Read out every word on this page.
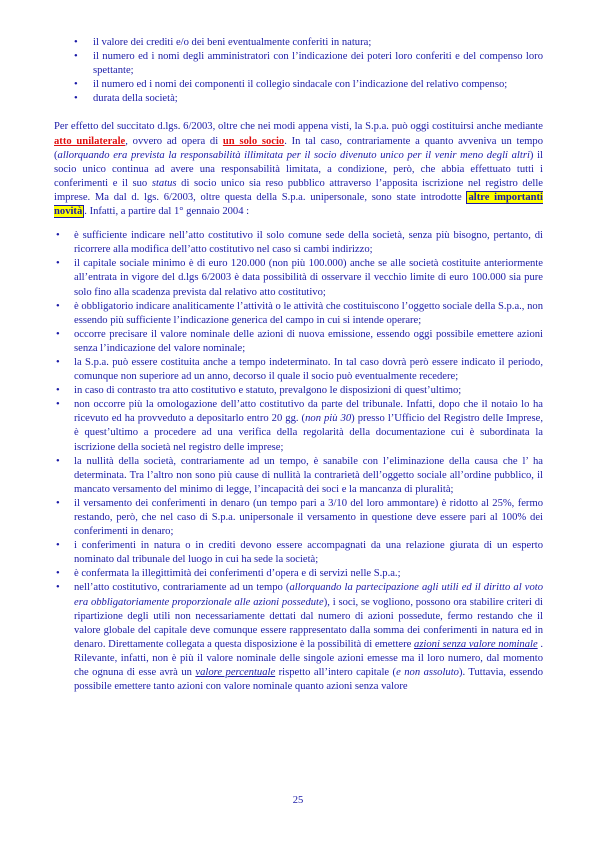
• il valore dei crediti e/o dei beni eventualmente conferiti in natura;
• il numero ed i nomi degli amministratori con l’indicazione dei poteri loro conferiti e del compenso loro spettante;
• il numero ed i nomi dei componenti il collegio sindacale con l’indicazione del relativo compenso;
• durata della società;

Per effetto del succitato d.lgs. 6/2003, oltre che nei modi appena visti, la S.p.a. può oggi costituirsi anche mediante atto unilaterale, ovvero ad opera di un solo socio. In tal caso, contrariamente a quanto avveniva un tempo (allorquando era prevista la responsabilità illimitata per il socio divenuto unico per il venir meno degli altri) il socio unico continua ad avere una responsabilità limitata, a condizione, però, che abbia effettuato tutti i conferimenti e il suo status di socio unico sia reso pubblico attraverso l’apposita iscrizione nel registro delle imprese. Ma dal d. lgs. 6/2003, oltre questa della S.p.a. unipersonale, sono state introdotte altre importanti novità . Infatti, a partire dal 1° gennaio 2004 :

• è sufficiente indicare nell’atto costitutivo il solo comune sede della società, senza più bisogno, pertanto, di ricorrere alla modifica dell’atto costitutivo nel caso si cambi indirizzo;
• il capitale sociale minimo è di euro 120.000 (non più 100.000) anche se alle società costituite anteriormente all’entrata in vigore del d.lgs 6/2003 è data possibilità di osservare il vecchio limite di euro 100.000 sia pure solo fino alla scadenza prevista dal relativo atto costitutivo;
• è obbligatorio indicare analiticamente l’attività o le attività che costituiscono l’oggetto sociale della S.p.a., non essendo più sufficiente l’indicazione generica del campo in cui si intende operare;
• occorre precisare il valore nominale delle azioni di nuova emissione, essendo oggi possibile emettere azioni senza l’indicazione del valore nominale;
• la S.p.a. può essere costituita anche a tempo indeterminato. In tal caso dovrà però essere indicato il periodo, comunque non superiore ad un anno, decorso il quale il socio può eventualmente recedere;
• in caso di contrasto tra atto costitutivo e statuto, prevalgono le disposizioni di quest’ultimo;
• non occorre più la omologazione dell’atto costitutivo da parte del tribunale. Infatti, dopo che il notaio lo ha ricevuto ed ha provveduto a depositarlo entro 20 gg. (non più 30) presso l’Ufficio del Registro delle Imprese, è quest’ultimo a procedere ad una verifica della regolarità della documentazione cui è subordinata la iscrizione della società nel registro delle imprese;
• la nullità della società, contrariamente ad un tempo, è sanabile con l’eliminazione della causa che l’ ha determinata. Tra l’altro non sono più cause di nullità la contrarietà dell’oggetto sociale all’ordine pubblico, il mancato versamento del minimo di legge, l’incapacità dei soci e la mancanza di pluralità;
• il versamento dei conferimenti in denaro (un tempo pari a 3/10 del loro ammontare) è ridotto al 25%, fermo restando, però, che nel caso di S.p.a. unipersonale il versamento in questione deve essere pari al 100% dei conferimenti in denaro;
• i conferimenti in natura o in crediti devono essere accompagnati da una relazione giurata di un esperto nominato dal tribunale del luogo in cui ha sede la società;
• è confermata la illegittimità dei conferimenti d’opera e di servizi nelle S.p.a.;
• nell’atto costitutivo, contrariamente ad un tempo (allorquando la partecipazione agli utili ed il diritto al voto era obbligatoriamente proporzionale alle azioni possedute), i soci, se vogliono, possono ora stabilire criteri di ripartizione degli utili non necessariamente dettati dal numero di azioni possedute, fermo restando che il valore globale del capitale deve comunque essere rappresentato dalla somma dei conferimenti in natura ed in denaro. Direttamente collegata a questa disposizione è la possibilità di emettere azioni senza valore nominale . Rilevante, infatti, non è più il valore nominale delle singole azioni emesse ma il loro numero, dal momento che ognuna di esse avrà un valore percentuale rispetto all’intero capitale (e non assoluto). Tuttavia, essendo possibile emettere tanto azioni con valore nominale quanto azioni senza valore
25
